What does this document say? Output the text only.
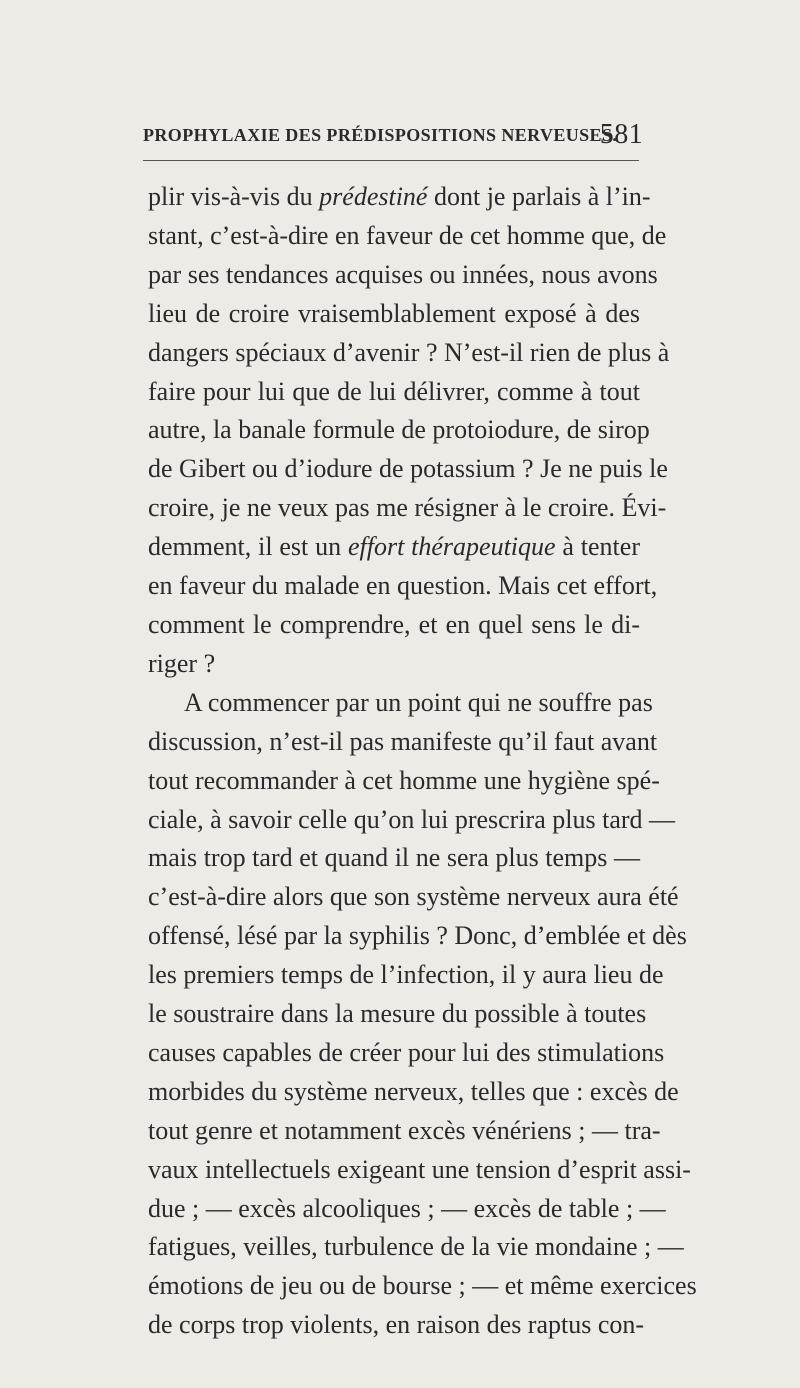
PROPHYLAXIE DES PRÉDISPOSITIONS NERVEUSES.
581
plir vis-à-vis du prédestiné dont je parlais à l’in-
stant, c’est-à-dire en faveur de cet homme que, de
par ses tendances acquises ou innées, nous avons
lieu de croire vraisemblablement exposé à des
dangers spéciaux d’avenir ? N’est-il rien de plus à
faire pour lui que de lui délivrer, comme à tout
autre, la banale formule de protoiodure, de sirop
de Gibert ou d’iodure de potassium ? Je ne puis le
croire, je ne veux pas me résigner à le croire. Évi-
demment, il est un effort thérapeutique à tenter
en faveur du malade en question. Mais cet effort,
comment le comprendre, et en quel sens le di-
riger ?
A commencer par un point qui ne souffre pas
discussion, n’est-il pas manifeste qu’il faut avant
tout recommander à cet homme une hygiène spé-
ciale, à savoir celle qu’on lui prescrira plus tard —
mais trop tard et quand il ne sera plus temps —
c’est-à-dire alors que son système nerveux aura été
offensé, lésé par la syphilis ? Donc, d’emblée et dès
les premiers temps de l’infection, il y aura lieu de
le soustraire dans la mesure du possible à toutes
causes capables de créer pour lui des stimulations
morbides du système nerveux, telles que : excès de
tout genre et notamment excès vénériens ; — tra-
vaux intellectuels exigeant une tension d’esprit assi-
due ; — excès alcooliques ; — excès de table ; —
fatigues, veilles, turbulence de la vie mondaine ; —
émotions de jeu ou de bourse ; — et même exercices
de corps trop violents, en raison des raptus con-
